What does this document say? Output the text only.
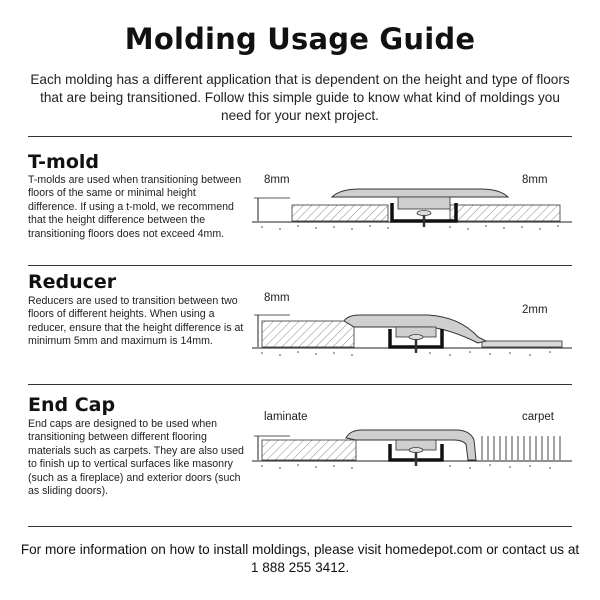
Molding Usage Guide
Each molding has a different application that is dependent on the height and type of floors that are being transitioned. Follow this simple guide to know what kind of moldings you need for your next project.
T-mold
T-molds are used when transitioning between floors of the same or minimal height difference. If using a t-mold, we recommend that the height difference between the transitioning floors does not exceed 4mm.
8mm	8mm
Reducer
Reducers are used to transition between two floors of different heights. When using a reducer, ensure that the height difference is at minimum 5mm and maximum is 14mm.
8mm
2mm
End Cap
End caps are designed to be used when transitioning between different flooring materials such as carpets. They are also used to finish up to vertical surfaces like masonry (such as a fireplace) and exterior doors (such as sliding doors).
laminate	carpet
For more information on how to install moldings, please visit homedepot.com or contact us at 1 888 255 3412.
